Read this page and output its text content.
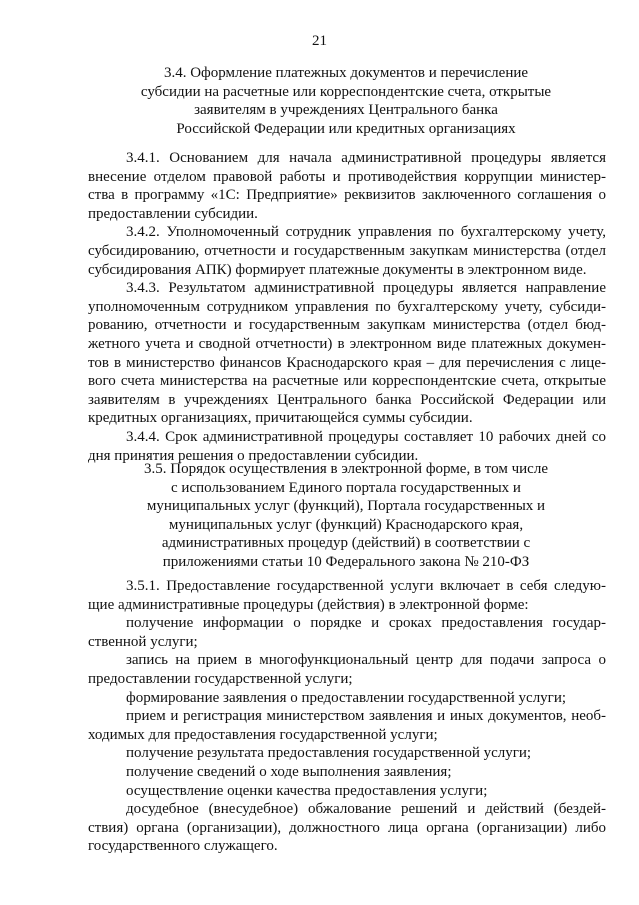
21
3.4. Оформление платежных документов и перечисление
субсидии на расчетные или корреспондентские счета, открытые
заявителям в учреждениях Центрального банка
Российской Федерации или кредитных организациях
3.4.1. Основанием для начала административной процедуры является
внесение отделом правовой работы и противодействия коррупции министер-
ства в программу «1С: Предприятие» реквизитов заключенного соглашения о
предоставлении субсидии.
3.4.2. Уполномоченный сотрудник управления по бухгалтерскому учету,
субсидированию, отчетности и государственным закупкам министерства (отдел
субсидирования АПК) формирует платежные документы в электронном виде.
3.4.3. Результатом административной процедуры является направление
уполномоченным сотрудником управления по бухгалтерскому учету, субсиди-
рованию, отчетности и государственным закупкам министерства (отдел бюд-
жетного учета и сводной отчетности) в электронном виде платежных докумен-
тов в министерство финансов Краснодарского края – для перечисления с лице-
вого счета министерства на расчетные или корреспондентские счета, открытые
заявителям в учреждениях Центрального банка Российской Федерации или
кредитных организациях, причитающейся суммы субсидии.
3.4.4. Срок административной процедуры составляет 10 рабочих дней со
дня принятия решения о предоставлении субсидии.
3.5. Порядок осуществления в электронной форме, в том числе
с использованием Единого портала государственных и
муниципальных услуг (функций), Портала государственных и
муниципальных услуг (функций) Краснодарского края,
административных процедур (действий) в соответствии с
приложениями статьи 10 Федерального закона № 210-ФЗ
3.5.1. Предоставление государственной услуги включает в себя следую-
щие административные процедуры (действия) в электронной форме:
получение информации о порядке и сроках предоставления государ-
ственной услуги;
запись на прием в многофункциональный центр для подачи запроса о
предоставлении государственной услуги;
формирование заявления о предоставлении государственной услуги;
прием и регистрация министерством заявления и иных документов, необ-
ходимых для предоставления государственной услуги;
получение результата предоставления государственной услуги;
получение сведений о ходе выполнения заявления;
осуществление оценки качества предоставления услуги;
досудебное (внесудебное) обжалование решений и действий (бездей-
ствия) органа (организации), должностного лица органа (организации) либо
государственного служащего.
